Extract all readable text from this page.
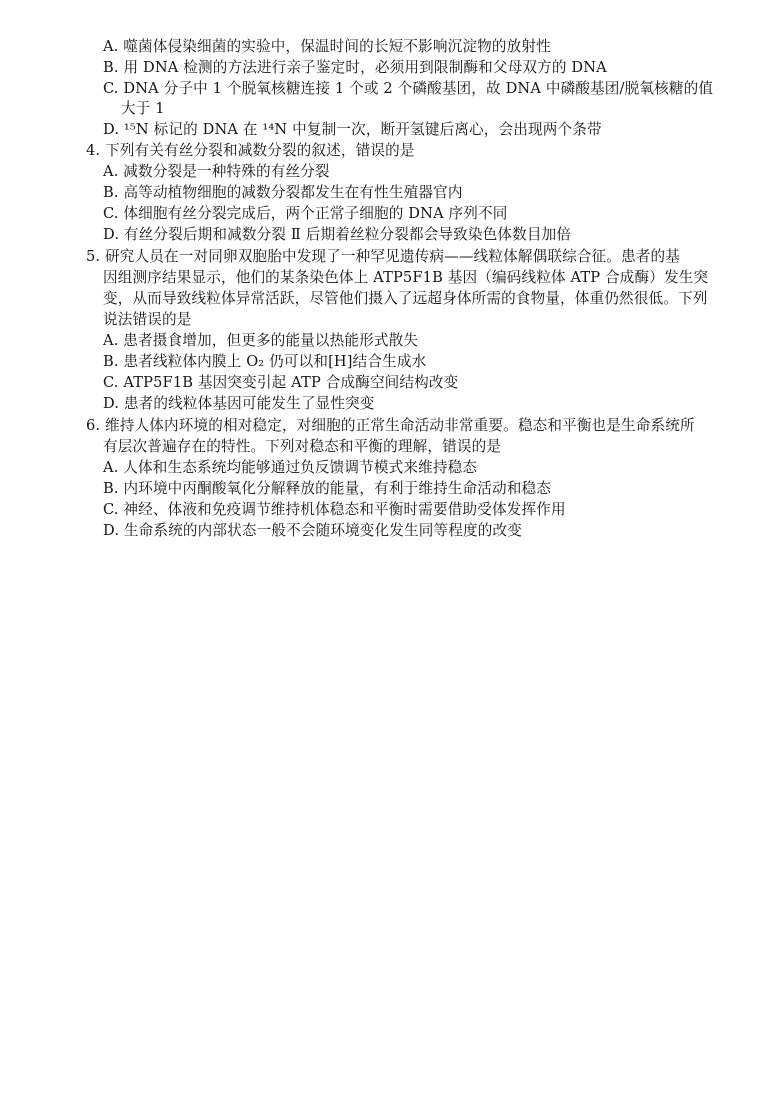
A. 噬菌体侵染细菌的实验中，保温时间的长短不影响沉淀物的放射性
B. 用 DNA 检测的方法进行亲子鉴定时，必须用到限制酶和父母双方的 DNA
C. DNA 分子中 1 个脱氧核糖连接 1 个或 2 个磷酸基团，故 DNA 中磷酸基团/脱氧核糖的值
大于 1
D. ¹⁵N 标记的 DNA 在 ¹⁴N 中复制一次，断开氢键后离心，会出现两个条带
4. 下列有关有丝分裂和减数分裂的叙述，错误的是
A. 减数分裂是一种特殊的有丝分裂
B. 高等动植物细胞的减数分裂都发生在有性生殖器官内
C. 体细胞有丝分裂完成后，两个正常子细胞的 DNA 序列不同
D. 有丝分裂后期和减数分裂 Ⅱ 后期着丝粒分裂都会导致染色体数目加倍
5. 研究人员在一对同卵双胞胎中发现了一种罕见遗传病——线粒体解偶联综合征。患者的基
因组测序结果显示，他们的某条染色体上 ATP5F1B 基因（编码线粒体 ATP 合成酶）发生突
变，从而导致线粒体异常活跃，尽管他们摄入了远超身体所需的食物量，体重仍然很低。下列
说法错误的是
A. 患者摄食增加，但更多的能量以热能形式散失
B. 患者线粒体内膜上 O₂ 仍可以和[H]结合生成水
C. ATP5F1B 基因突变引起 ATP 合成酶空间结构改变
D. 患者的线粒体基因可能发生了显性突变
6. 维持人体内环境的相对稳定，对细胞的正常生命活动非常重要。稳态和平衡也是生命系统所
有层次普遍存在的特性。下列对稳态和平衡的理解，错误的是
A. 人体和生态系统均能够通过负反馈调节模式来维持稳态
B. 内环境中丙酮酸氧化分解释放的能量，有利于维持生命活动和稳态
C. 神经、体液和免疫调节维持机体稳态和平衡时需要借助受体发挥作用
D. 生命系统的内部状态一般不会随环境变化发生同等程度的改变
